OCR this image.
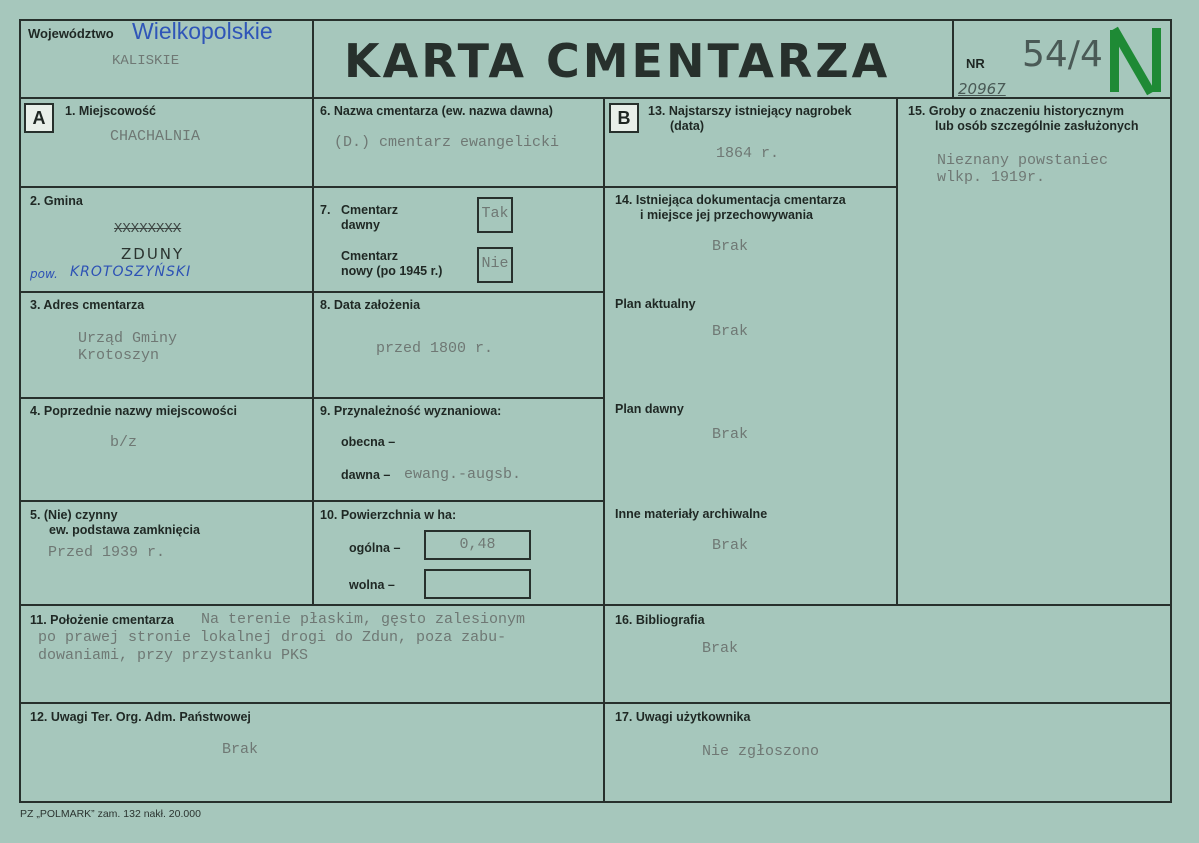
Województwo Wielkopolskie
KALISKIE	KARTA CMENTARZA	NR 54/4
20967
A	1. Miejscowość
CHACHALNIA
2. Gmina
XXXXXXXX
ZDUNY
pow. KROTOSZYŃSKI
3. Adres cmentarza
Urząd Gminy
Krotoszyn
4. Poprzednie nazwy miejscowości
b/z
5. (Nie) czynny
ew. podstawa zamknięcia
Przed 1939 r.
6. Nazwa cmentarza (ew. nazwa dawna)
(D.) cmentarz ewangelicki
7. Cmentarz
dawny
Tak
Cmentarz
nowy (po 1945 r.)	Nie
8. Data założenia
przed 1800 r.
9. Przynależność wyznaniowa:
obecna –
dawna – ewang.-augsb.
10. Powierzchnia w ha:
ogólna –	0,48
wolna –
B	13. Najstarszy istniejący nagrobek
(data)
1864 r.
14. Istniejąca dokumentacja cmentarza
i miejsce jej przechowywania
Brak
Plan aktualny
Brak
Plan dawny
Brak
Inne materiały archiwalne
Brak
15. Groby o znaczeniu historycznym
lub osób szczególnie zasłużonych
Nieznany powstaniec
wlkp. 1919r.
11. Położenie cmentarza Na terenie płaskim, gęsto zalesionym
po prawej stronie lokalnej drogi do Zdun, poza zabu-
dowaniami, przy przystanku PKS
16. Bibliografia
Brak
12. Uwagi Ter. Org. Adm. Państwowej
Brak
17. Uwagi użytkownika
Nie zgłoszono
PZ „POLMARK” zam. 132 nakł. 20.000
